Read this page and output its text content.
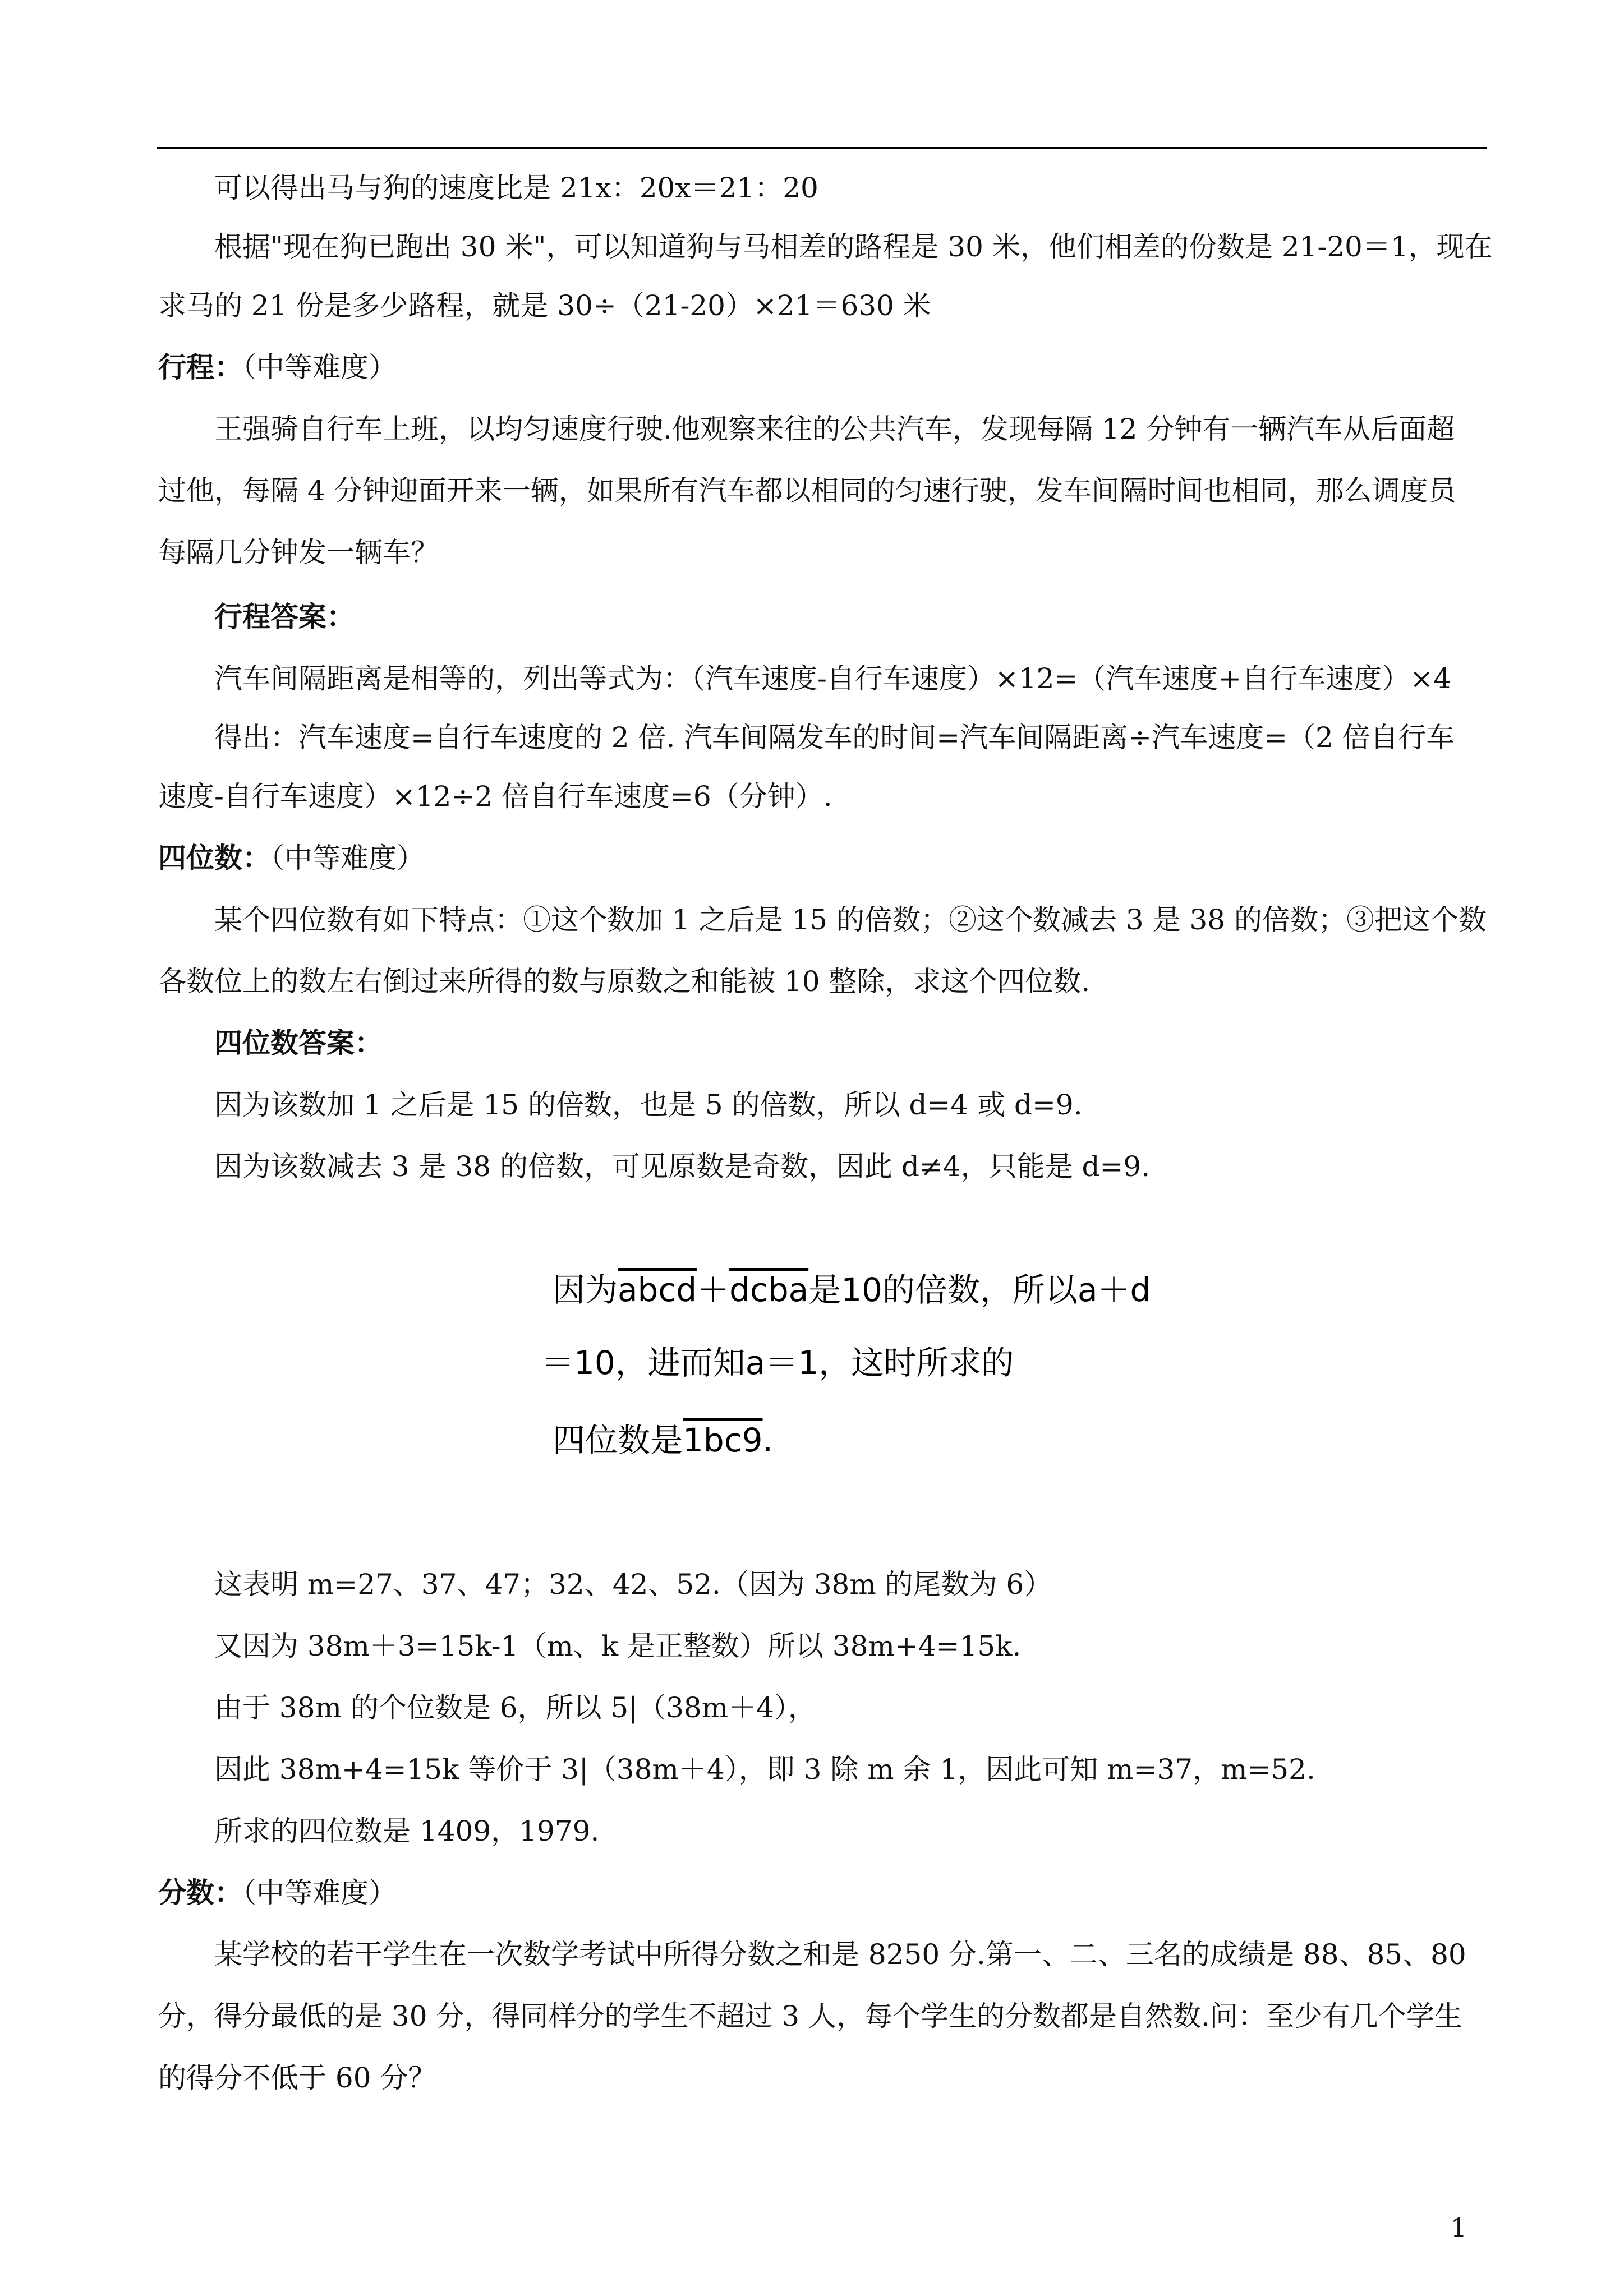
可以得出马与狗的速度比是 21x：20x＝21：20
根据"现在狗已跑出 30 米"，可以知道狗与马相差的路程是 30 米，他们相差的份数是 21-20＝1，现在
求马的 21 份是多少路程，就是 30÷（21-20）×21＝630 米
行程：（中等难度）
王强骑自行车上班，以均匀速度行驶.他观察来往的公共汽车，发现每隔 12 分钟有一辆汽车从后面超
过他，每隔 4 分钟迎面开来一辆，如果所有汽车都以相同的匀速行驶，发车间隔时间也相同，那么调度员
每隔几分钟发一辆车？
行程答案：
汽车间隔距离是相等的，列出等式为：（汽车速度-自行车速度）×12=（汽车速度+自行车速度）×4
得出：汽车速度=自行车速度的 2 倍. 汽车间隔发车的时间=汽车间隔距离÷汽车速度=（2 倍自行车
速度-自行车速度）×12÷2 倍自行车速度=6（分钟）.
四位数：（中等难度）
某个四位数有如下特点：①这个数加 1 之后是 15 的倍数；②这个数减去 3 是 38 的倍数；③把这个数
各数位上的数左右倒过来所得的数与原数之和能被 10 整除，求这个四位数.
四位数答案：
因为该数加 1 之后是 15 的倍数，也是 5 的倍数，所以 d=4 或 d=9.
因为该数减去 3 是 38 的倍数，可见原数是奇数，因此 d≠4，只能是 d=9.
这表明 m=27、37、47；32、42、52.（因为 38m 的尾数为 6）
又因为 38m＋3=15k-1（m、k 是正整数）所以 38m+4=15k.
由于 38m 的个位数是 6，所以 5|（38m＋4），
因此 38m+4=15k 等价于 3|（38m＋4），即 3 除 m 余 1，因此可知 m=37，m=52.
所求的四位数是 1409，1979.
分数：（中等难度）
某学校的若干学生在一次数学考试中所得分数之和是 8250 分.第一、二、三名的成绩是 88、85、80
分，得分最低的是 30 分，得同样分的学生不超过 3 人，每个学生的分数都是自然数.问：至少有几个学生
的得分不低于 60 分？
因为abcd＋dcba是10的倍数，所以a＋d
＝10，进而知a＝1，这时所求的
四位数是1bc9.
1
